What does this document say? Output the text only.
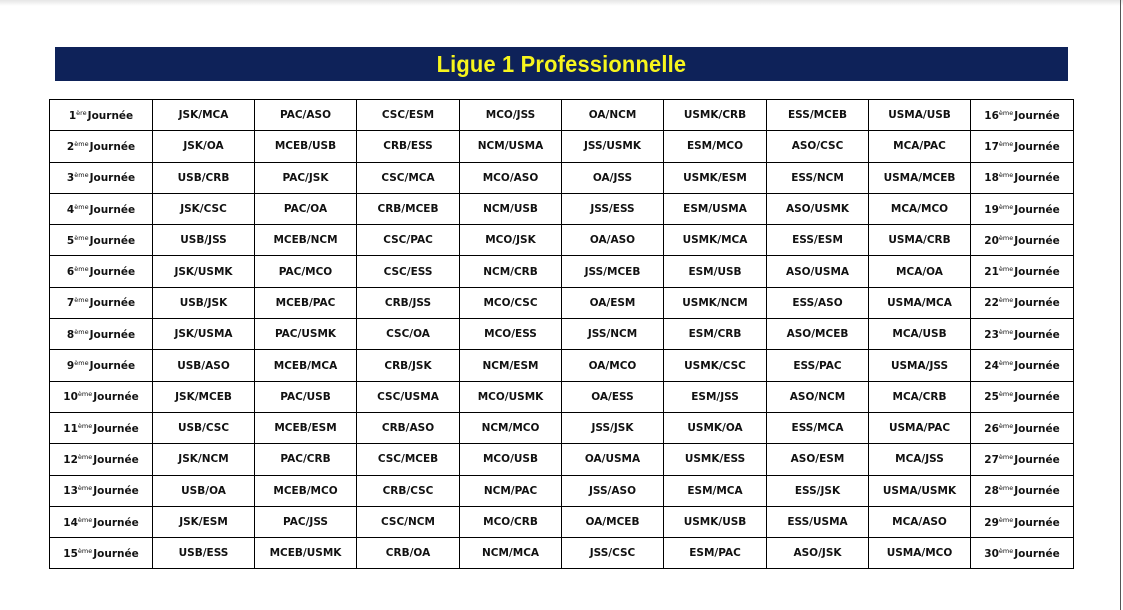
Ligue 1 Professionnelle
1èreJournée	JSK/MCA	PAC/ASO	CSC/ESM	MCO/JSS	OA/NCM	USMK/CRB	ESS/MCEB	USMA/USB	16èmeJournée
2èmeJournée	JSK/OA	MCEB/USB	CRB/ESS	NCM/USMA	JSS/USMK	ESM/MCO	ASO/CSC	MCA/PAC	17èmeJournée
3èmeJournée	USB/CRB	PAC/JSK	CSC/MCA	MCO/ASO	OA/JSS	USMK/ESM	ESS/NCM	USMA/MCEB	18èmeJournée
4èmeJournée	JSK/CSC	PAC/OA	CRB/MCEB	NCM/USB	JSS/ESS	ESM/USMA	ASO/USMK	MCA/MCO	19èmeJournée
5èmeJournée	USB/JSS	MCEB/NCM	CSC/PAC	MCO/JSK	OA/ASO	USMK/MCA	ESS/ESM	USMA/CRB	20èmeJournée
6èmeJournée	JSK/USMK	PAC/MCO	CSC/ESS	NCM/CRB	JSS/MCEB	ESM/USB	ASO/USMA	MCA/OA	21èmeJournée
7èmeJournée	USB/JSK	MCEB/PAC	CRB/JSS	MCO/CSC	OA/ESM	USMK/NCM	ESS/ASO	USMA/MCA	22èmeJournée
8èmeJournée	JSK/USMA	PAC/USMK	CSC/OA	MCO/ESS	JSS/NCM	ESM/CRB	ASO/MCEB	MCA/USB	23èmeJournée
9èmeJournée	USB/ASO	MCEB/MCA	CRB/JSK	NCM/ESM	OA/MCO	USMK/CSC	ESS/PAC	USMA/JSS	24èmeJournée
10èmeJournée	JSK/MCEB	PAC/USB	CSC/USMA	MCO/USMK	OA/ESS	ESM/JSS	ASO/NCM	MCA/CRB	25èmeJournée
11èmeJournée	USB/CSC	MCEB/ESM	CRB/ASO	NCM/MCO	JSS/JSK	USMK/OA	ESS/MCA	USMA/PAC	26èmeJournée
12èmeJournée	JSK/NCM	PAC/CRB	CSC/MCEB	MCO/USB	OA/USMA	USMK/ESS	ASO/ESM	MCA/JSS	27èmeJournée
13èmeJournée	USB/OA	MCEB/MCO	CRB/CSC	NCM/PAC	JSS/ASO	ESM/MCA	ESS/JSK	USMA/USMK	28èmeJournée
14èmeJournée	JSK/ESM	PAC/JSS	CSC/NCM	MCO/CRB	OA/MCEB	USMK/USB	ESS/USMA	MCA/ASO	29èmeJournée
15èmeJournée	USB/ESS	MCEB/USMK	CRB/OA	NCM/MCA	JSS/CSC	ESM/PAC	ASO/JSK	USMA/MCO	30èmeJournée
